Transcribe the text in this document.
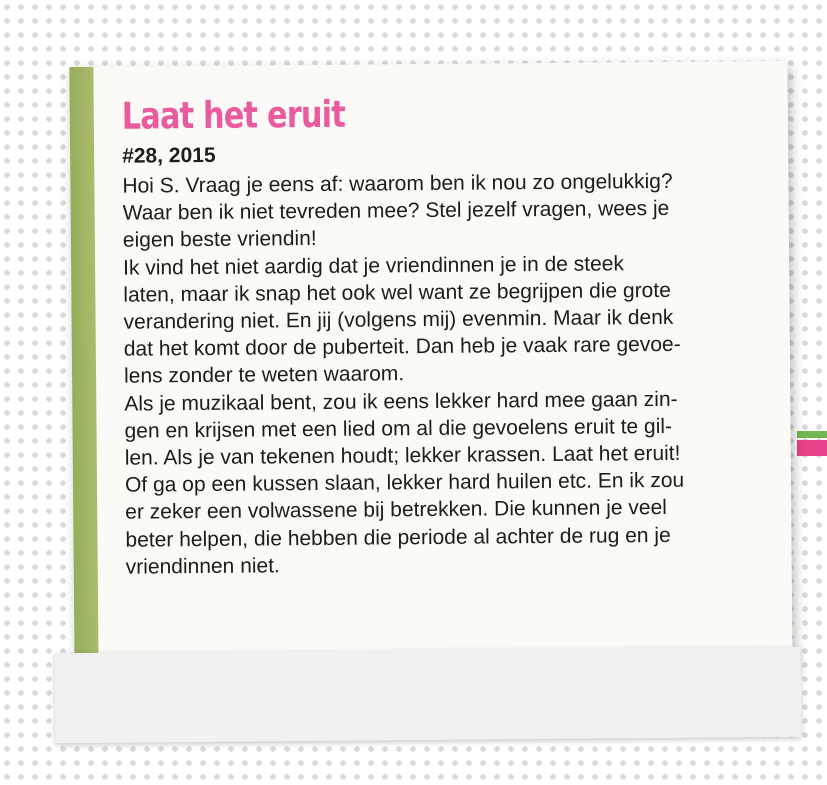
Laat het eruit
#28, 2015
Hoi S. Vraag je eens af: waarom ben ik nou zo ongelukkig?
Waar ben ik niet tevreden mee? Stel jezelf vragen, wees je
eigen beste vriendin!
Ik vind het niet aardig dat je vriendinnen je in de steek
laten, maar ik snap het ook wel want ze begrijpen die grote
verandering niet. En jij (volgens mij) evenmin. Maar ik denk
dat het komt door de puberteit. Dan heb je vaak rare gevoe-
lens zonder te weten waarom.
Als je muzikaal bent, zou ik eens lekker hard mee gaan zin-
gen en krijsen met een lied om al die gevoelens eruit te gil-
len. Als je van tekenen houdt; lekker krassen. Laat het eruit!
Of ga op een kussen slaan, lekker hard huilen etc. En ik zou
er zeker een volwassene bij betrekken. Die kunnen je veel
beter helpen, die hebben die periode al achter de rug en je
vriendinnen niet.
